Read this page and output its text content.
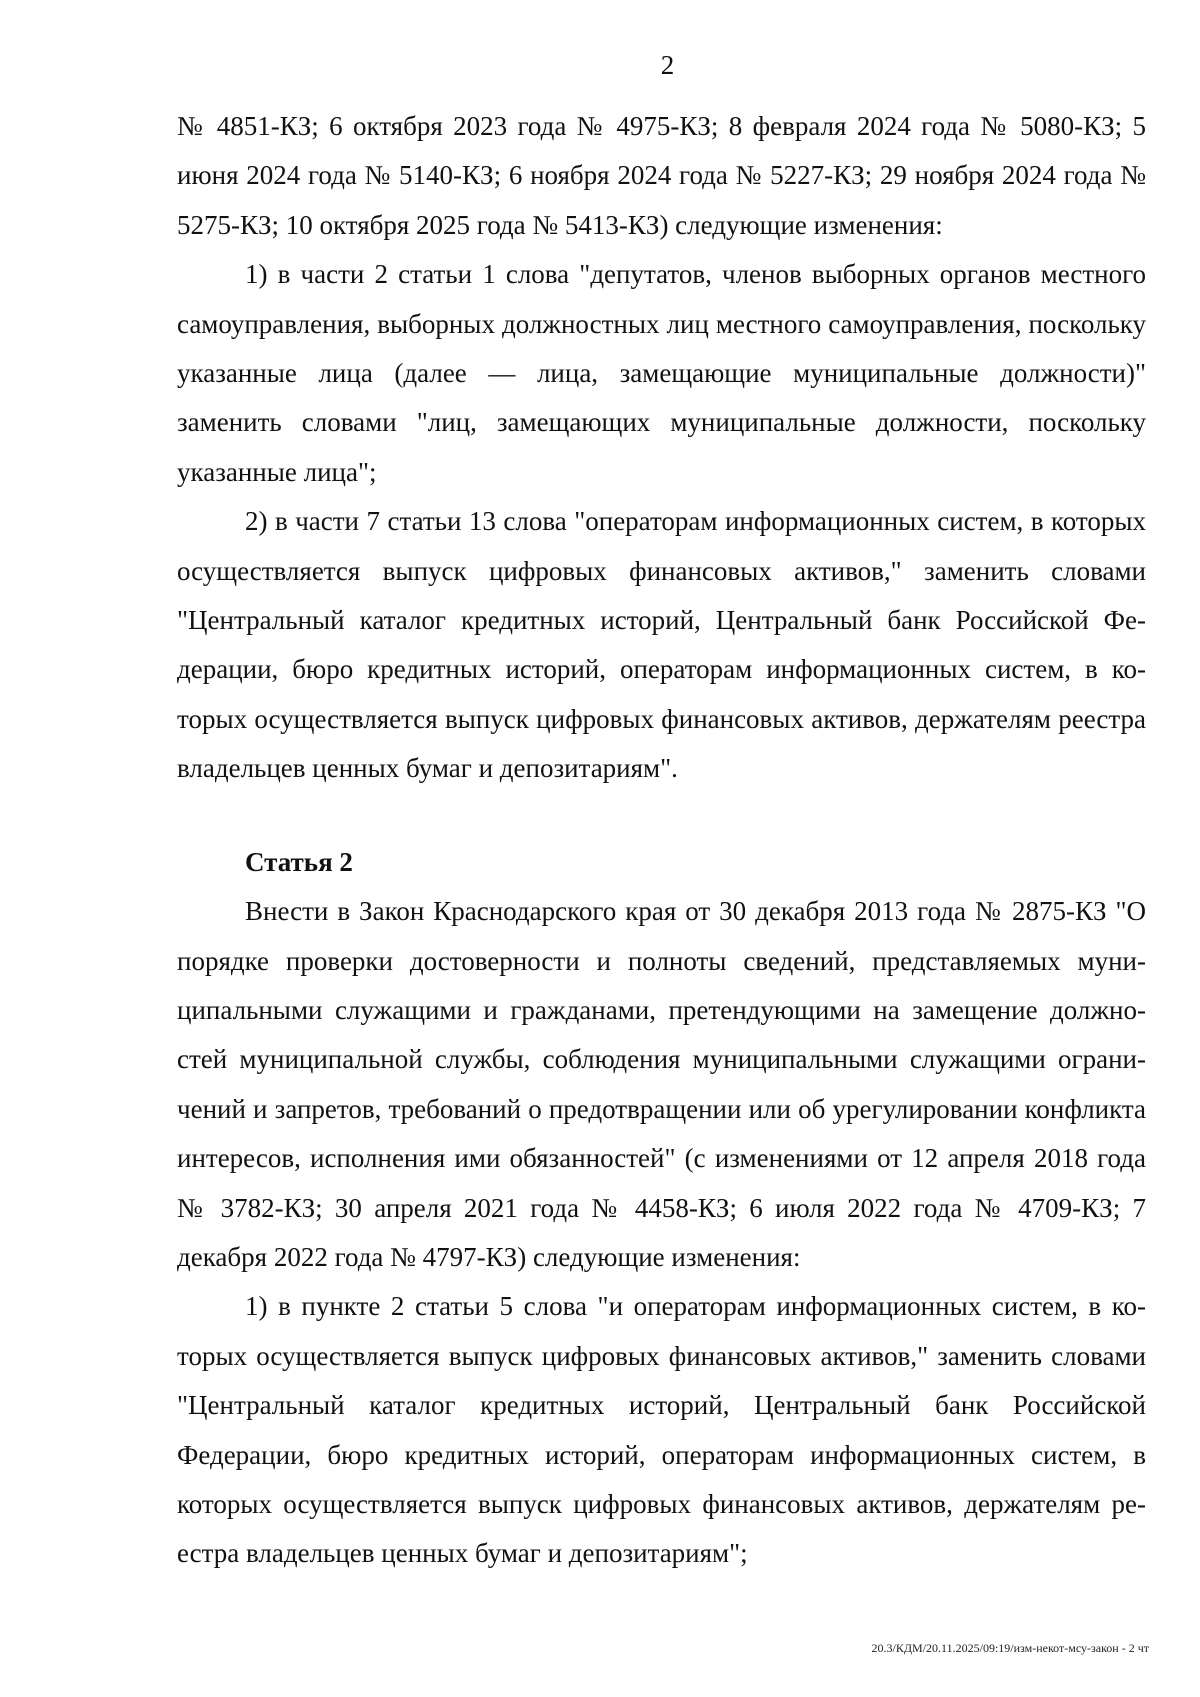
2

№ 4851-КЗ; 6 октября 2023 года № 4975-КЗ; 8 февраля 2024 года № 5080-КЗ; 5 июня 2024 года № 5140-КЗ; 6 ноября 2024 года № 5227-КЗ; 29 ноября 2024 года № 5275-КЗ; 10 октября 2025 года № 5413-КЗ) следующие изменения:

1) в части 2 статьи 1 слова "депутатов, членов выборных органов местного самоуправления, выборных должностных лиц местного самоуправления, поскольку указанные лица (далее — лица, замещающие муниципальные должности)" заменить словами "лиц, замещающих муниципальные должности, поскольку указанные лица";

2) в части 7 статьи 13 слова "операторам информационных систем, в которых осуществляется выпуск цифровых финансовых активов," заменить словами "Центральный каталог кредитных историй, Центральный банк Российской Федерации, бюро кредитных историй, операторам информационных систем, в которых осуществляется выпуск цифровых финансовых активов, держателям реестра владельцев ценных бумаг и депозитариям".

Статья 2

Внести в Закон Краснодарского края от 30 декабря 2013 года № 2875-КЗ "О порядке проверки достоверности и полноты сведений, представляемых муниципальными служащими и гражданами, претендующими на замещение должностей муниципальной службы, соблюдения муниципальными служащими ограничений и запретов, требований о предотвращении или об урегулировании конфликта интересов, исполнения ими обязанностей" (с изменениями от 12 апреля 2018 года № 3782-КЗ; 30 апреля 2021 года № 4458-КЗ; 6 июля 2022 года № 4709-КЗ; 7 декабря 2022 года № 4797-КЗ) следующие изменения:

1) в пункте 2 статьи 5 слова "и операторам информационных систем, в которых осуществляется выпуск цифровых финансовых активов," заменить словами "Центральный каталог кредитных историй, Центральный банк Российской Федерации, бюро кредитных историй, операторам информационных систем, в которых осуществляется выпуск цифровых финансовых активов, держателям реестра владельцев ценных бумаг и депозитариям";

20.3/КДМ/20.11.2025/09:19/изм-некот-мсу-закон - 2 чт
